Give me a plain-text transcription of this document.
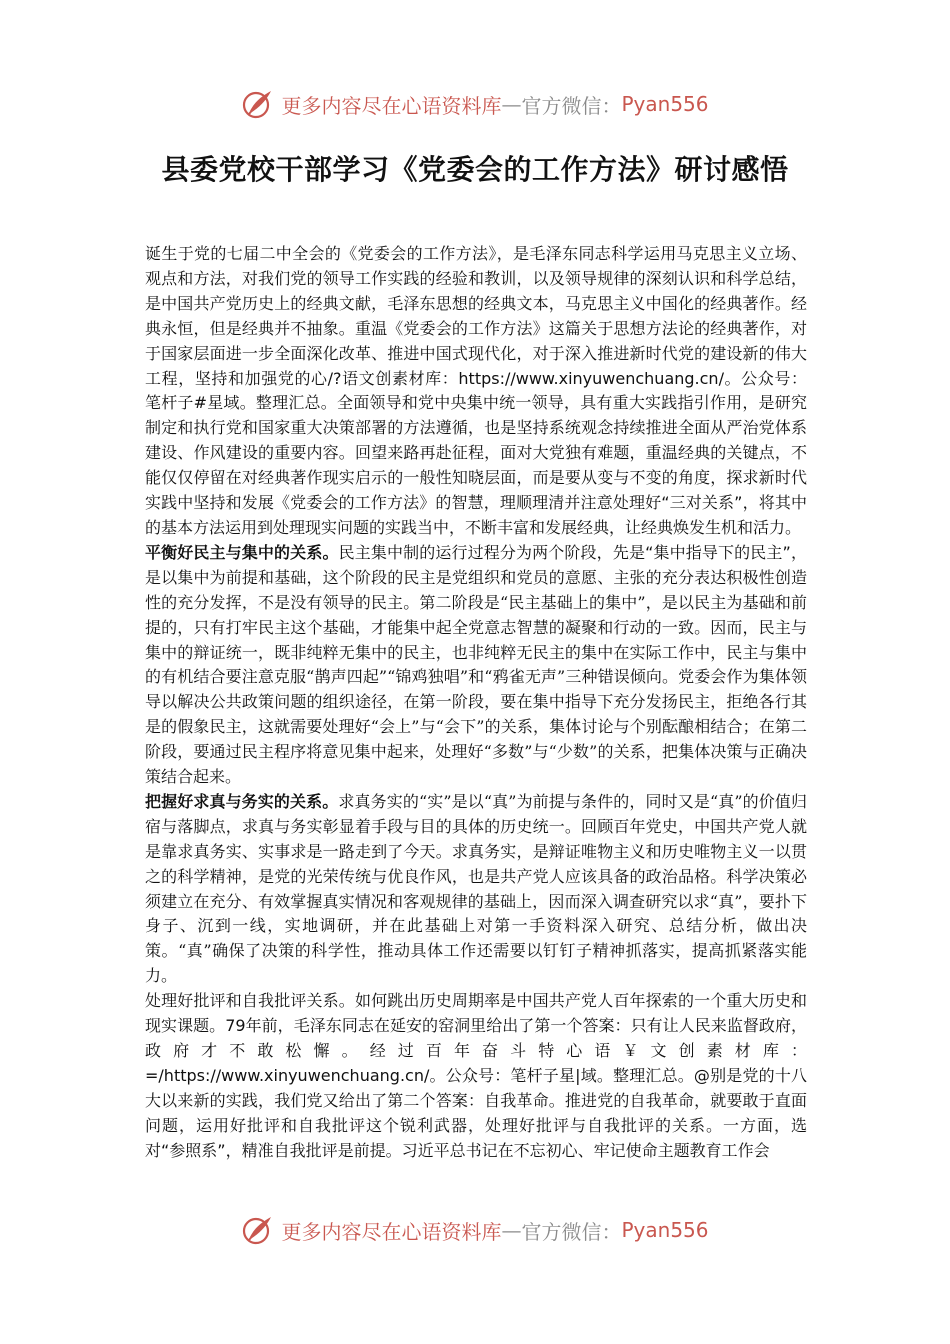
更多内容尽在心语资料库 — 官方微信： Pyan556
县委党校干部学习《党委会的工作方法》研讨感悟

诞生于党的七届二中全会的《党委会的工作方法》，是毛泽东同志科学运用马克思主义立场、观点和方法，对我们党的领导工作实践的经验和教训，以及领导规律的深刻认识和科学总结，是中国共产党历史上的经典文献，毛泽东思想的经典文本，马克思主义中国化的经典著作。经典永恒，但是经典并不抽象。重温《党委会的工作方法》这篇关于思想方法论的经典著作，对于国家层面进一步全面深化改革、推进中国式现代化，对于深入推进新时代党的建设新的伟大工程，坚持和加强党的心/?语文创素材库：https://www.xinyuwenchuang.cn/。公众号：笔杆子#星域。整理汇总。全面领导和党中央集中统一领导，具有重大实践指引作用，是研究制定和执行党和国家重大决策部署的方法遵循，也是坚持系统观念持续推进全面从严治党体系建设、作风建设的重要内容。回望来路再赴征程，面对大党独有难题，重温经典的关键点，不能仅仅停留在对经典著作现实启示的一般性知晓层面，而是要从变与不变的角度，探求新时代实践中坚持和发展《党委会的工作方法》的智慧，理顺理清并注意处理好“三对关系”，将其中的基本方法运用到处理现实问题的实践当中，不断丰富和发展经典，让经典焕发生机和活力。

平衡好民主与集中的关系。民主集中制的运行过程分为两个阶段，先是“集中指导下的民主”，是以集中为前提和基础，这个阶段的民主是党组织和党员的意愿、主张的充分表达积极性创造性的充分发挥，不是没有领导的民主。第二阶段是“民主基础上的集中”，是以民主为基础和前提的，只有打牢民主这个基础，才能集中起全党意志智慧的凝聚和行动的一致。因而，民主与集中的辩证统一，既非纯粹无集中的民主，也非纯粹无民主的集中在实际工作中，民主与集中的有机结合要注意克服“鹊声四起”“锦鸡独唱”和“鸦雀无声”三种错误倾向。党委会作为集体领导以解决公共政策问题的组织途径，在第一阶段，要在集中指导下充分发扬民主，拒绝各行其是的假象民主，这就需要处理好“会上”与“会下”的关系，集体讨论与个别酝酿相结合；在第二阶段，要通过民主程序将意见集中起来，处理好“多数”与“少数”的关系，把集体决策与正确决策结合起来。

把握好求真与务实的关系。求真务实的“实”是以“真”为前提与条件的，同时又是“真”的价值归宿与落脚点，求真与务实彰显着手段与目的具体的历史统一。回顾百年党史，中国共产党人就是靠求真务实、实事求是一路走到了今天。求真务实，是辩证唯物主义和历史唯物主义一以贯之的科学精神，是党的光荣传统与优良作风，也是共产党人应该具备的政治品格。科学决策必须建立在充分、有效掌握真实情况和客观规律的基础上，因而深入调查研究以求“真”，要扑下身子、沉到一线，实地调研，并在此基础上对第一手资料深入研究、总结分析，做出决策。“真”确保了决策的科学性，推动具体工作还需要以钉钉子精神抓落实，提高抓紧落实能力。

处理好批评和自我批评关系。如何跳出历史周期率是中国共产党人百年探索的一个重大历史和现实课题。79年前，毛泽东同志在延安的窑洞里给出了第一个答案：只有让人民来监督政府，政府才不敢松懈。经过百年奋斗特心语￥文创素材库：=/https://www.xinyuwenchuang.cn/。公众号：笔杆子星|域。整理汇总。@别是党的十八大以来新的实践，我们党又给出了第二个答案：自我革命。推进党的自我革命，就要敢于直面问题，运用好批评和自我批评这个锐利武器，处理好批评与自我批评的关系。一方面，选对“参照系”，精准自我批评是前提。习近平总书记在不忘初心、牢记使命主题教育工作会

更多内容尽在心语资料库 — 官方微信： Pyan556
